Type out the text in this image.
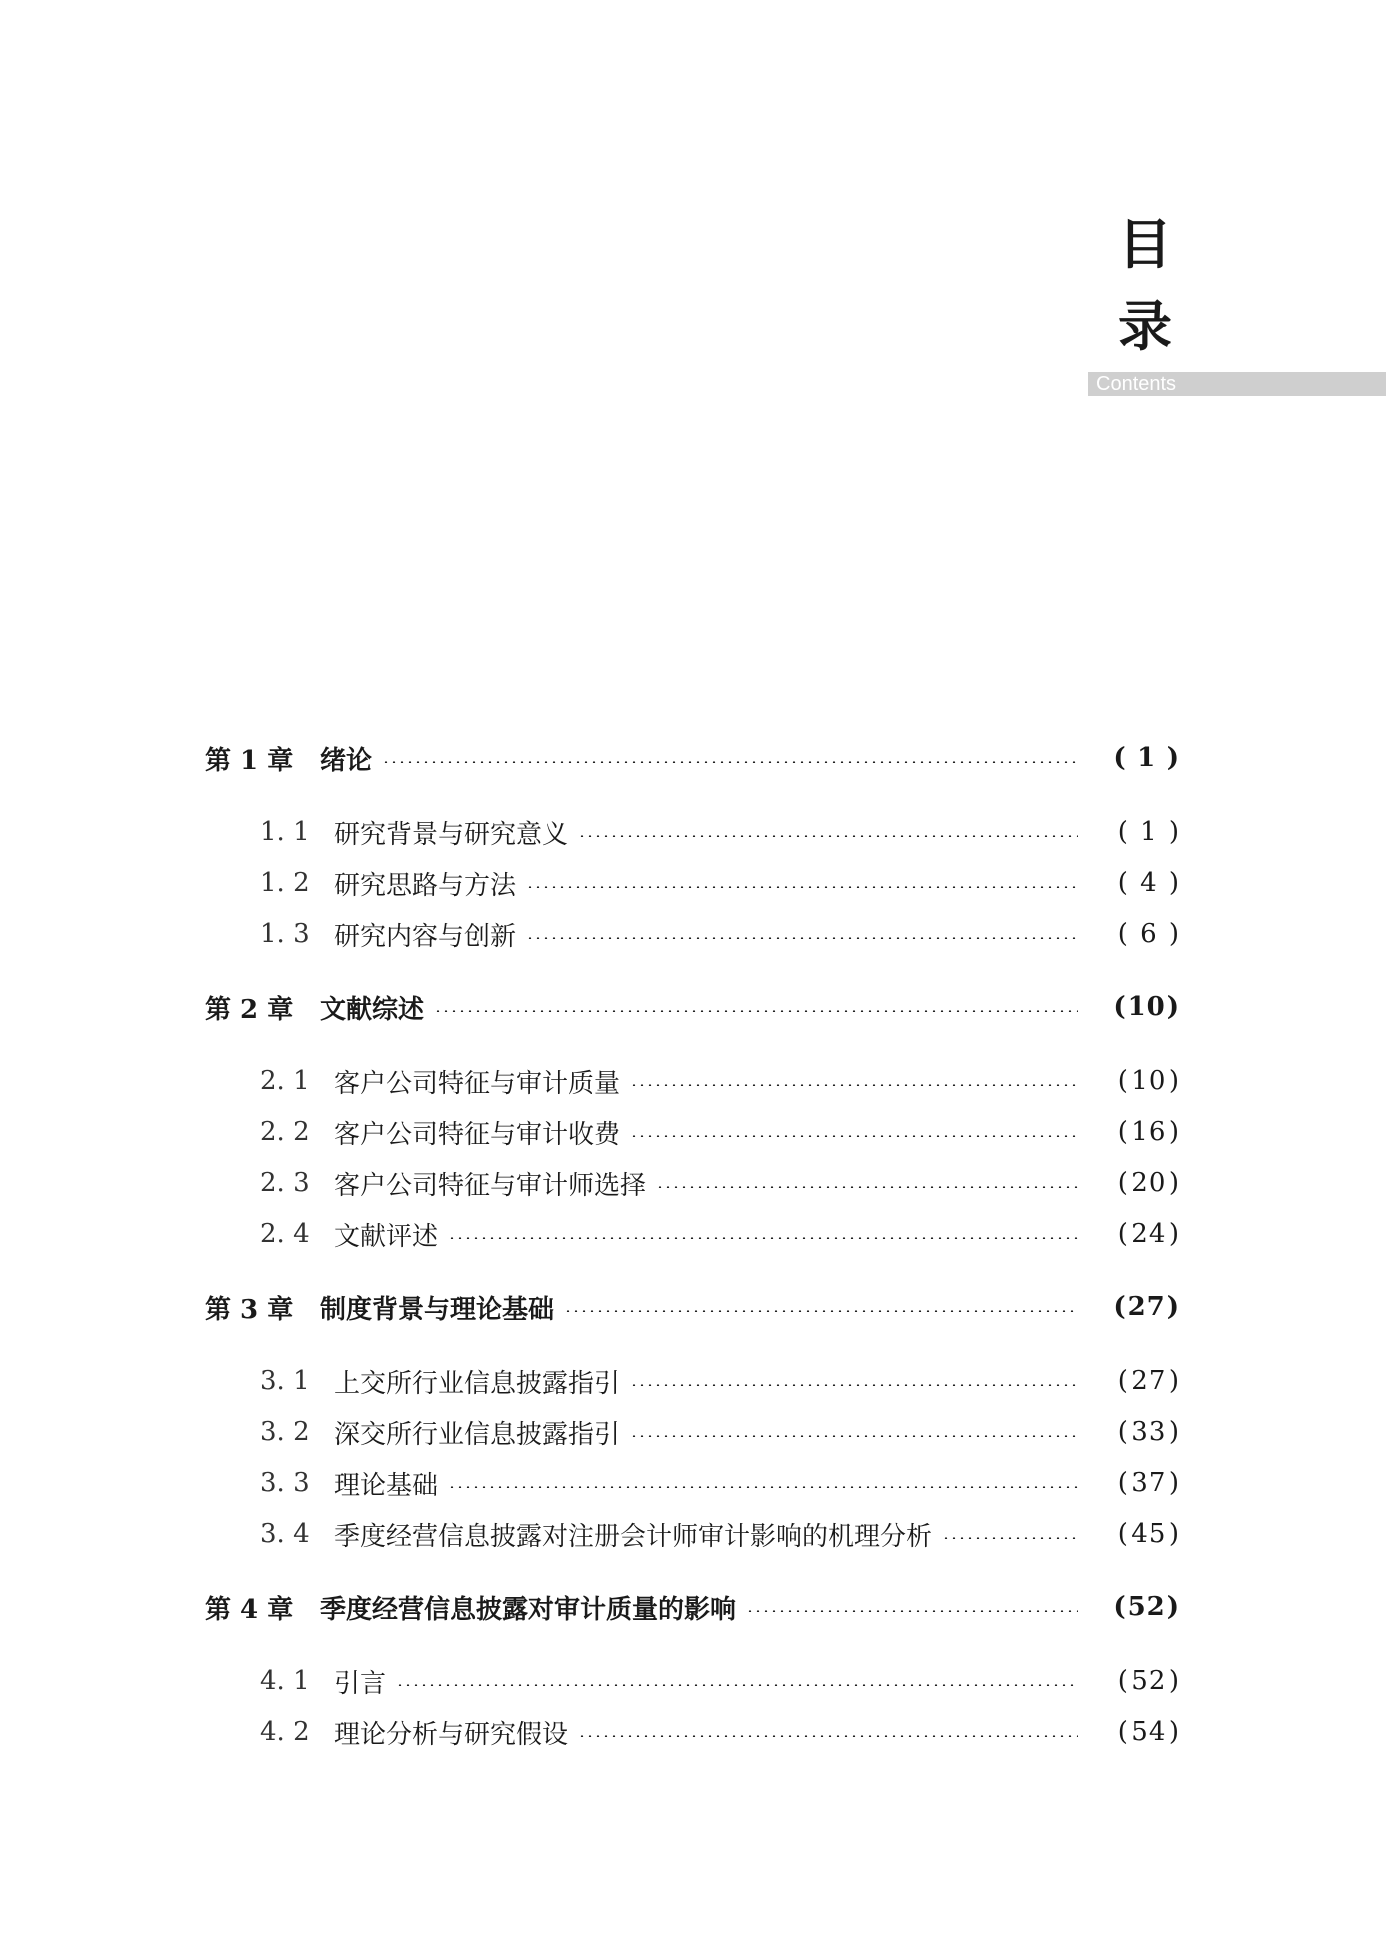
目
录
Contents
第 1 章	绪论	( 1 )
1. 1 研究背景与研究意义	( 1 )
1. 2 研究思路与方法	( 4 )
1. 3 研究内容与创新	( 6 )
第 2 章	文献综述	(10)
2. 1 客户公司特征与审计质量	(10)
2. 2 客户公司特征与审计收费	(16)
2. 3 客户公司特征与审计师选择	(20)
2. 4 文献评述	(24)
第 3 章	制度背景与理论基础	(27)
3. 1 上交所行业信息披露指引	(27)
3. 2 深交所行业信息披露指引	(33)
3. 3 理论基础	(37)
3. 4 季度经营信息披露对注册会计师审计影响的机理分析	(45)
第 4 章	季度经营信息披露对审计质量的影响	(52)
4. 1 引言	(52)
4. 2 理论分析与研究假设	(54)
